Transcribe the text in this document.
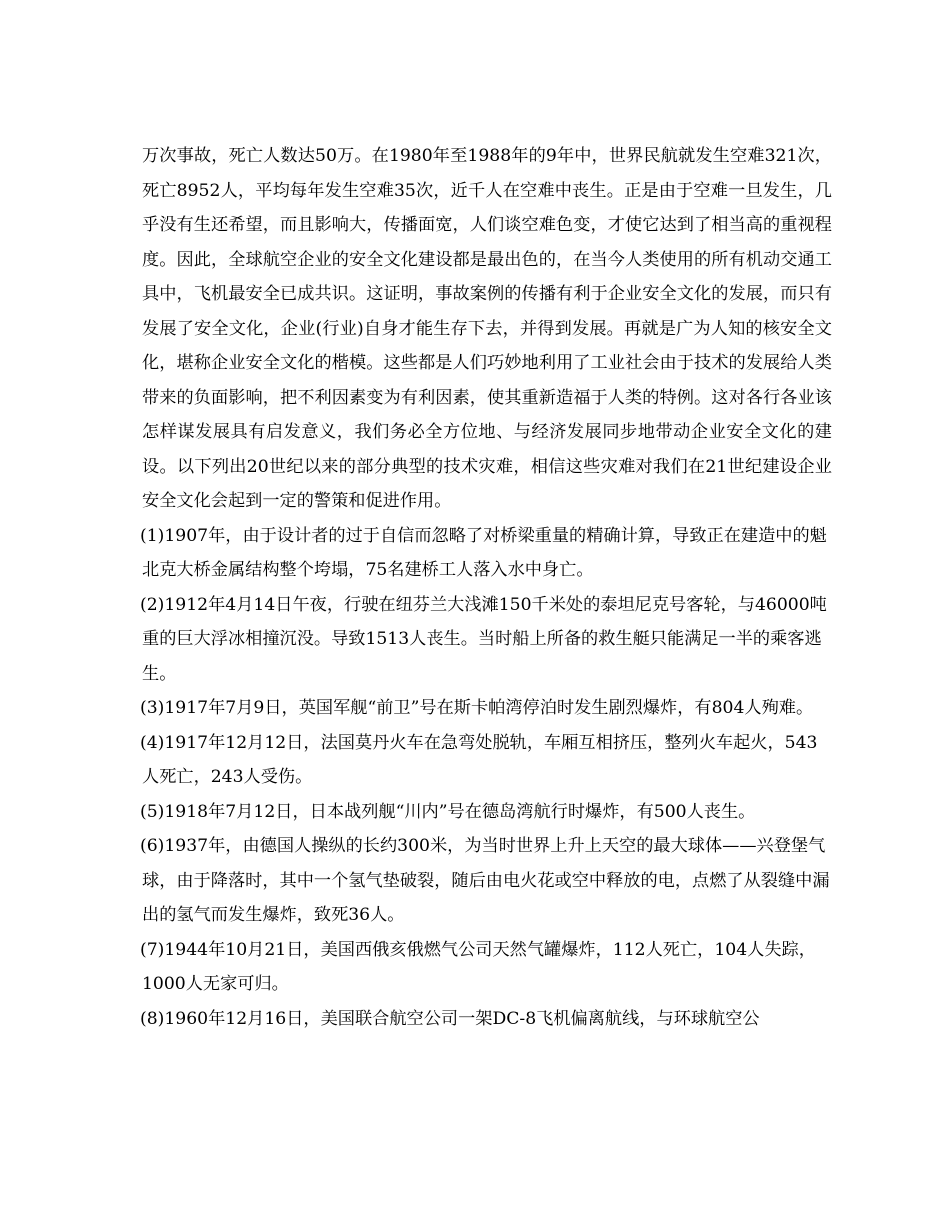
万次事故，死亡人数达50万。在1980年至1988年的9年中，世界民航就发生空难321次，死亡8952人，平均每年发生空难35次，近千人在空难中丧生。正是由于空难一旦发生，几乎没有生还希望，而且影响大，传播面宽，人们谈空难色变，才使它达到了相当高的重视程度。因此，全球航空企业的安全文化建设都是最出色的，在当今人类使用的所有机动交通工具中，飞机最安全已成共识。这证明，事故案例的传播有利于企业安全文化的发展，而只有发展了安全文化，企业(行业)自身才能生存下去，并得到发展。再就是广为人知的核安全文化，堪称企业安全文化的楷模。这些都是人们巧妙地利用了工业社会由于技术的发展给人类带来的负面影响，把不利因素变为有利因素，使其重新造福于人类的特例。这对各行各业该怎样谋发展具有启发意义，我们务必全方位地、与经济发展同步地带动企业安全文化的建设。以下列出20世纪以来的部分典型的技术灾难，相信这些灾难对我们在21世纪建设企业安全文化会起到一定的警策和促进作用。

(1)1907年，由于设计者的过于自信而忽略了对桥梁重量的精确计算，导致正在建造中的魁北克大桥金属结构整个垮塌，75名建桥工人落入水中身亡。

(2)1912年4月14日午夜，行驶在纽芬兰大浅滩150千米处的泰坦尼克号客轮，与46000吨重的巨大浮冰相撞沉没。导致1513人丧生。当时船上所备的救生艇只能满足一半的乘客逃生。

(3)1917年7月9日，英国军舰“前卫”号在斯卡帕湾停泊时发生剧烈爆炸，有804人殉难。

(4)1917年12月12日，法国莫丹火车在急弯处脱轨，车厢互相挤压，整列火车起火，543人死亡，243人受伤。

(5)1918年7月12日，日本战列舰“川内”号在德岛湾航行时爆炸，有500人丧生。

(6)1937年，由德国人操纵的长约300米，为当时世界上升上天空的最大球体——兴登堡气球，由于降落时，其中一个氢气垫破裂，随后由电火花或空中释放的电，点燃了从裂缝中漏出的氢气而发生爆炸，致死36人。

(7)1944年10月21日，美国西俄亥俄燃气公司天然气罐爆炸，112人死亡，104人失踪，1000人无家可归。

(8)1960年12月16日，美国联合航空公司一架DC-8飞机偏离航线，与环球航空公
